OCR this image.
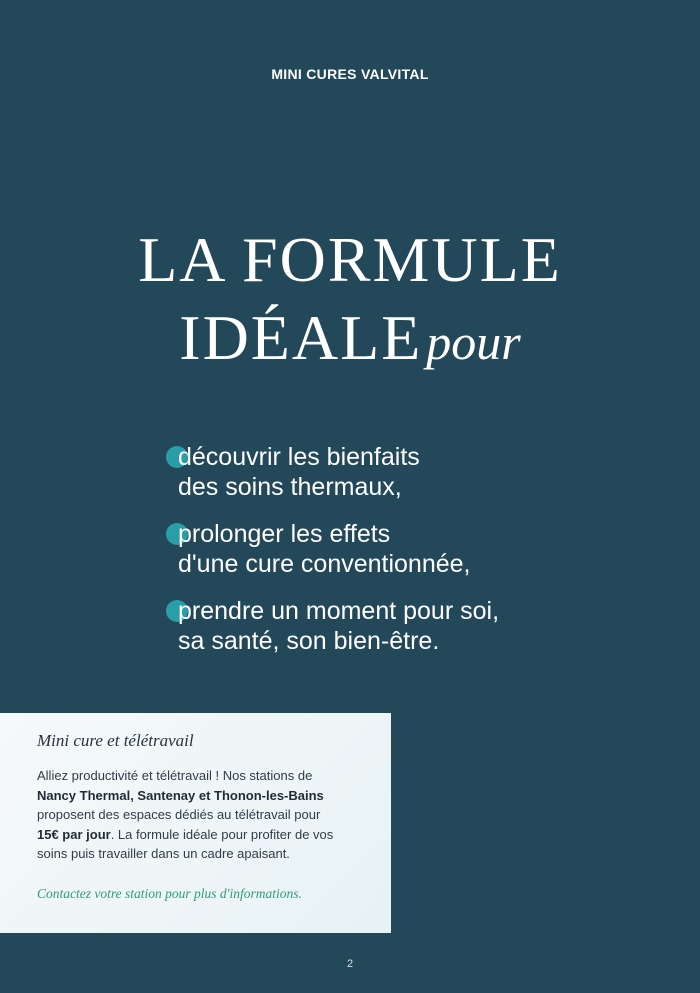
MINI CURES VALVITAL
LA FORMULE
IDÉALEpour
découvrir les bienfaits
des soins thermaux,
prolonger les effets
d'une cure conventionnée,
prendre un moment pour soi,
sa santé, son bien-être.
Mini cure et télétravail

Alliez productivité et télétravail ! Nos stations de
Nancy Thermal, Santenay et Thonon-les-Bains
proposent des espaces dédiés au télétravail pour
15€ par jour. La formule idéale pour profiter de vos soins puis travailler dans un cadre apaisant.

Contactez votre station pour plus d'informations.
2
